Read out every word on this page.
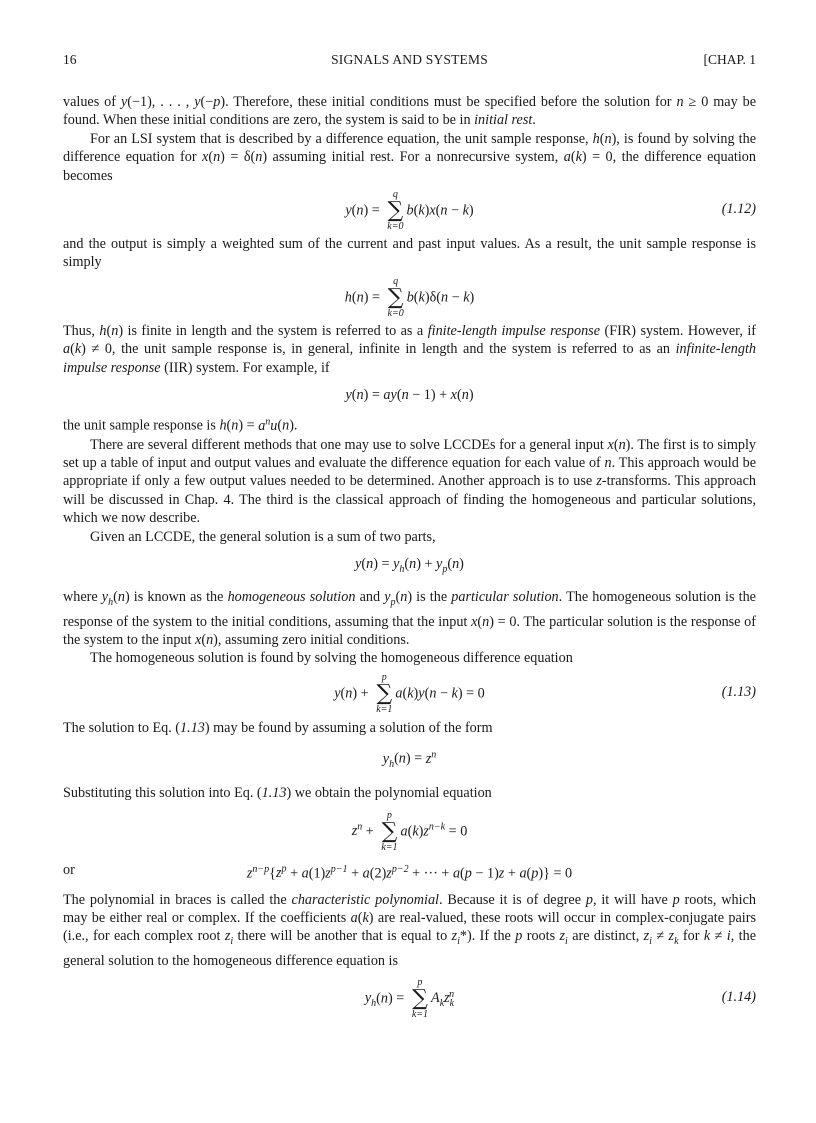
16	SIGNALS AND SYSTEMS	[CHAP. 1

values of y(−1), . . . , y(−p). Therefore, these initial conditions must be specified before the solution for n ≥ 0 may be found. When these initial conditions are zero, the system is said to be in initial rest.

For an LSI system that is described by a difference equation, the unit sample response, h(n), is found by solving the difference equation for x(n) = δ(n) assuming initial rest. For a nonrecursive system, a(k) = 0, the difference equation becomes

y(n) =
q
∑
k=0
b(k)x(n − k)	(1.12)

and the output is simply a weighted sum of the current and past input values. As a result, the unit sample response is simply

h(n) =
q
∑
k=0
b(k)δ(n − k)

Thus, h(n) is finite in length and the system is referred to as a finite-length impulse response (FIR) system. However, if a(k) ≠ 0, the unit sample response is, in general, infinite in length and the system is referred to as an infinite-length impulse response (IIR) system. For example, if

y(n) = ay(n − 1) + x(n)

the unit sample response is $h(n) = a^nu(n)$.

There are several different methods that one may use to solve LCCDEs for a general input x(n). The first is to simply set up a table of input and output values and evaluate the difference equation for each value of n. This approach would be appropriate if only a few output values needed to be determined. Another approach is to use z-transforms. This approach will be discussed in Chap. 4. The third is the classical approach of finding the homogeneous and particular solutions, which we now describe.

Given an LCCDE, the general solution is a sum of two parts,

$y(n) = y_h(n) + y_p(n)$

where $y_h(n)$ is known as the homogeneous solution and $y_p(n)$ is the particular solution. The homogeneous solution is the response of the system to the initial conditions, assuming that the input x(n) = 0. The particular solution is the response of the system to the input x(n), assuming zero initial conditions.

The homogeneous solution is found by solving the homogeneous difference equation

y(n) +
p
∑
k=1
a(k)y(n − k) = 0	(1.13)

The solution to Eq. (1.13) may be found by assuming a solution of the form

$y_h(n) = z^n$

Substituting this solution into Eq. (1.13) we obtain the polynomial equation

$z^n$ +
p
∑
k=1
$a(k)z^{n-k} = 0$
or	$z^{n-p}\{z^p + a(1)z^{p-1} + a(2)z^{p-2}$ + ··· + a(p − 1)z + a(p)} = 0

The polynomial in braces is called the characteristic polynomial. Because it is of degree p, it will have p roots, which may be either real or complex. If the coefficients a(k) are real-valued, these roots will occur in complex-conjugate pairs (i.e., for each complex root $z_i$ there will be another that is equal to $z_i*$). If the p roots $z_i$ are distinct, $z_i \ne z_k$ for k ≠ i, the general solution to the homogeneous difference equation is

$y_h(n)$ =
p
∑
k=1
$A_kz_k^n$	(1.14)
